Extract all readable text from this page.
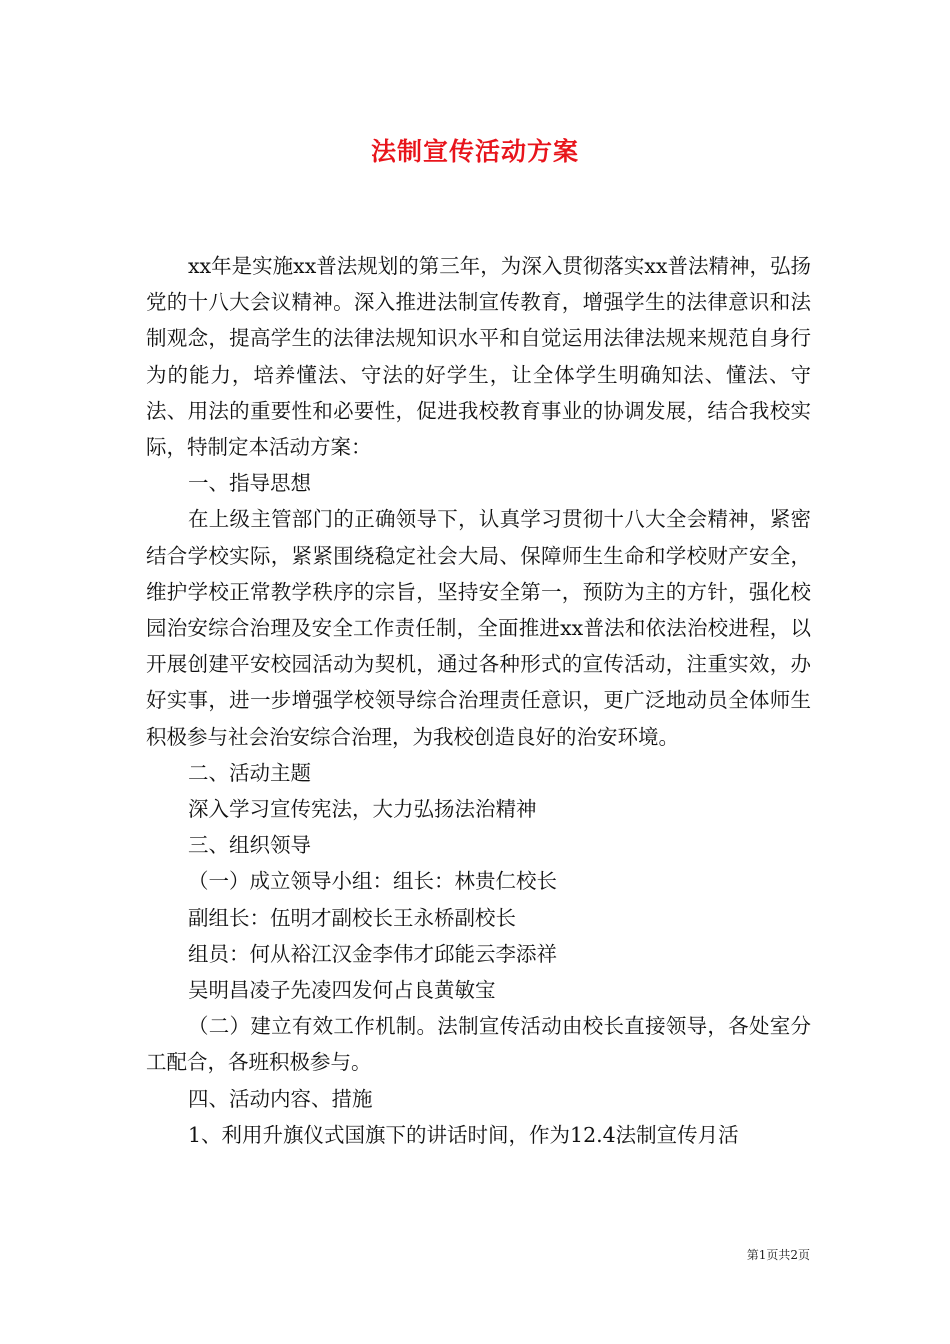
法制宣传活动方案

xx年是实施xx普法规划的第三年，为深入贯彻落实xx普法精神，弘扬党的十八大会议精神。深入推进法制宣传教育，增强学生的法律意识和法制观念，提高学生的法律法规知识水平和自觉运用法律法规来规范自身行为的能力，培养懂法、守法的好学生，让全体学生明确知法、懂法、守法、用法的重要性和必要性，促进我校教育事业的协调发展，结合我校实际，特制定本活动方案：

一、指导思想

在上级主管部门的正确领导下，认真学习贯彻十八大全会精神，紧密结合学校实际，紧紧围绕稳定社会大局、保障师生生命和学校财产安全，维护学校正常教学秩序的宗旨，坚持安全第一，预防为主的方针，强化校园治安综合治理及安全工作责任制，全面推进xx普法和依法治校进程，以开展创建平安校园活动为契机，通过各种形式的宣传活动，注重实效，办好实事，进一步增强学校领导综合治理责任意识，更广泛地动员全体师生积极参与社会治安综合治理，为我校创造良好的治安环境。

二、活动主题

深入学习宣传宪法，大力弘扬法治精神

三、组织领导

（一）成立领导小组：组长：林贵仁校长

副组长：伍明才副校长王永桥副校长

组员：何从裕江汉金李伟才邱能云李添祥

吴明昌凌子先凌四发何占良黄敏宝

（二）建立有效工作机制。法制宣传活动由校长直接领导，各处室分工配合，各班积极参与。

四、活动内容、措施

1、利用升旗仪式国旗下的讲话时间，作为12.4法制宣传月活

第1页共2页
